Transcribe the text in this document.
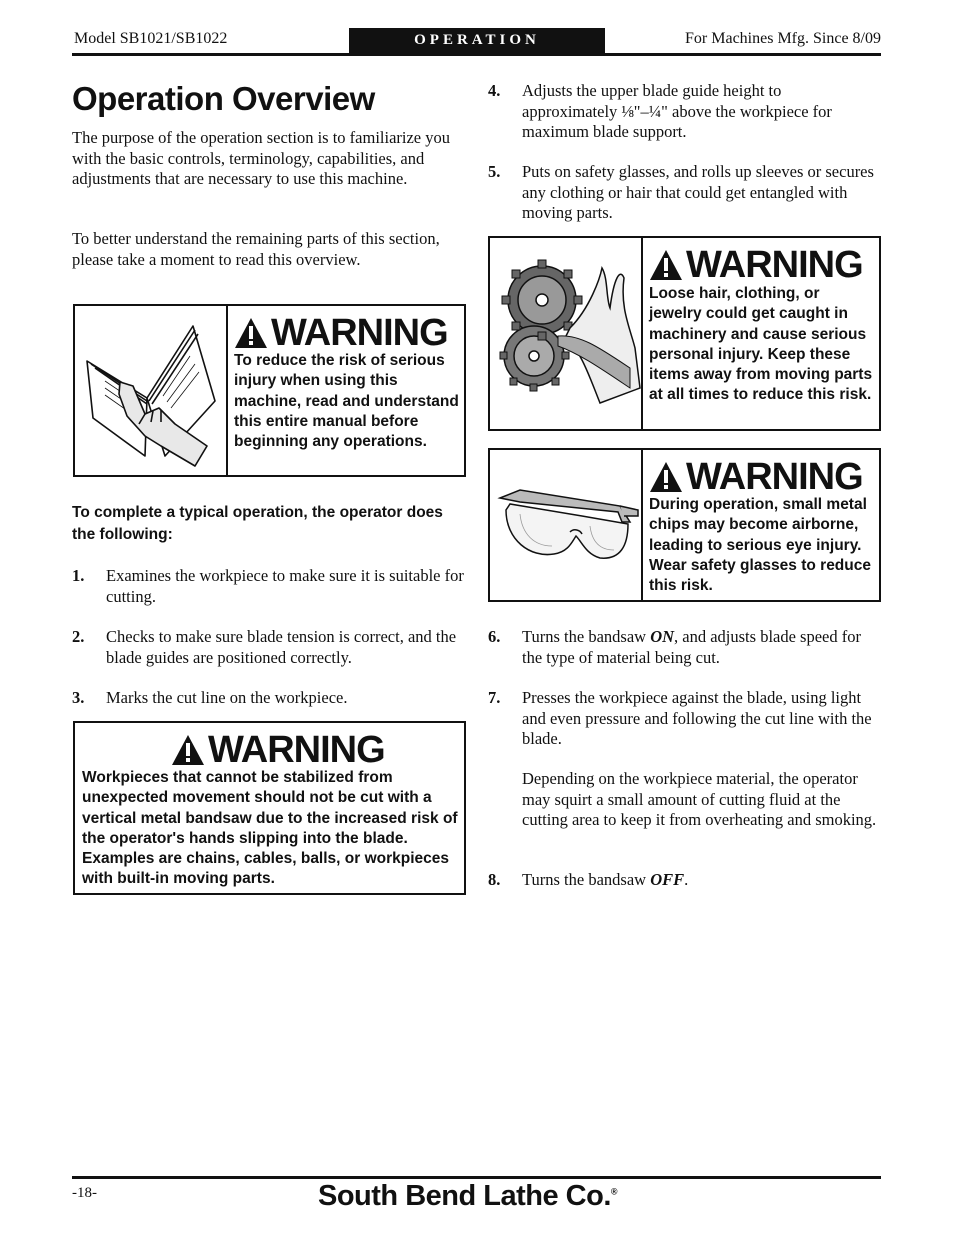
Model SB1021/SB1022	OPERATION	For Machines Mfg. Since 8/09
Operation Overview
The purpose of the operation section is to familiarize you with the basic controls, terminology, capabilities, and adjustments that are necessary to use this machine.
To better understand the remaining parts of this section, please take a moment to read this overview.
WARNING
To reduce the risk of serious injury when using this machine, read and understand this entire manual before beginning any operations.
To complete a typical operation, the operator does the following:
1. Examines the workpiece to make sure it is suitable for cutting.
2. Checks to make sure blade tension is correct, and the blade guides are positioned correctly.
3. Marks the cut line on the workpiece.
WARNING
Workpieces that cannot be stabilized from unexpected movement should not be cut with a vertical metal bandsaw due to the increased risk of the operator's hands slipping into the blade. Examples are chains, cables, balls, or workpieces with built-in moving parts.
4. Adjusts the upper blade guide height to approximately ⅛"–¼" above the workpiece for maximum blade support.
5. Puts on safety glasses, and rolls up sleeves or secures any clothing or hair that could get entangled with moving parts.
WARNING
Loose hair, clothing, or jewelry could get caught in machinery and cause serious personal injury. Keep these items away from moving parts at all times to reduce this risk.
WARNING
During operation, small metal chips may become airborne, leading to serious eye injury. Wear safety glasses to reduce this risk.
6. Turns the bandsaw ON, and adjusts blade speed for the type of material being cut.
7. Presses the workpiece against the blade, using light and even pressure and following the cut line with the blade.
Depending on the workpiece material, the operator may squirt a small amount of cutting fluid at the cutting area to keep it from overheating and smoking.
8. Turns the bandsaw OFF.
-18-	South Bend Lathe Co.®
